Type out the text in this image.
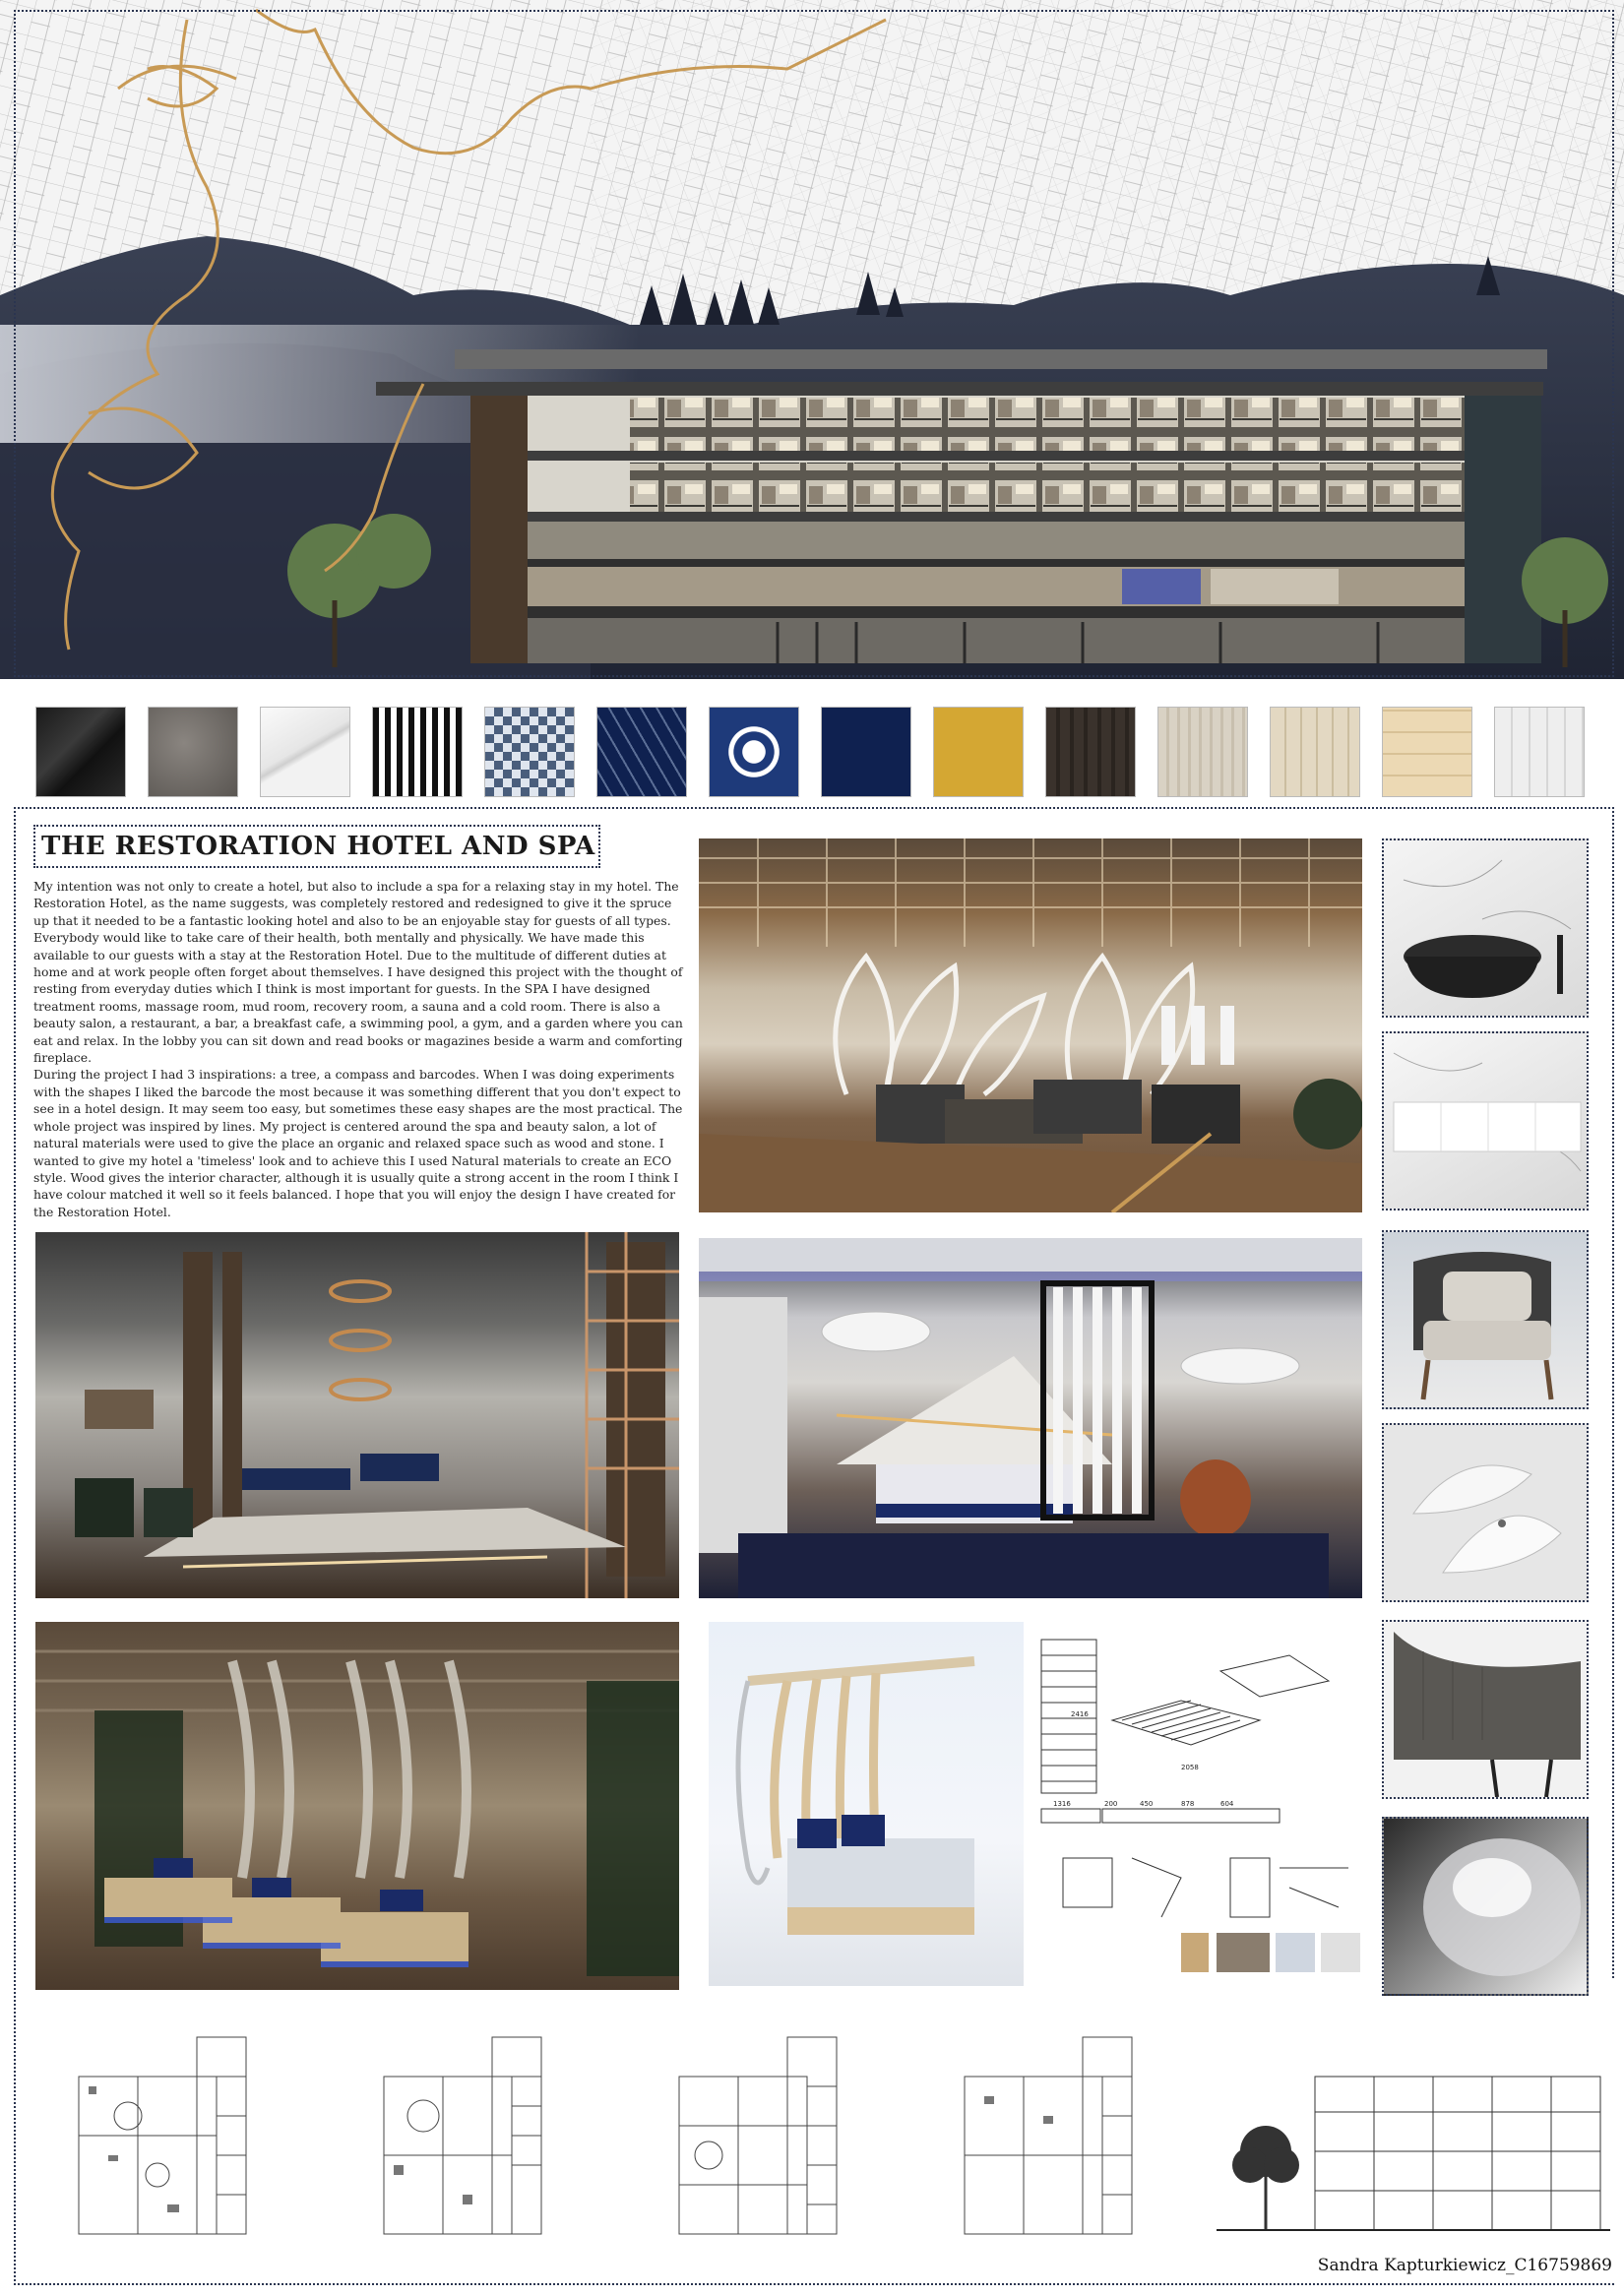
THE RESTORATION HOTEL AND SPA

My intention was not only to create a hotel, but also to include a spa for a relaxing stay in my hotel. The Restoration Hotel, as the name suggests, was completely restored and redesigned to give it the spruce up that it needed to be a fantastic looking hotel and also to be an enjoyable stay for guests of all types. Everybody would like to take care of their health, both mentally and physically. We have made this available to our guests with a stay at the Restoration Hotel. Due to the multitude of different duties at home and at work people often forget about themselves. I have designed this project with the thought of resting from everyday duties which I think is most important for guests. In the SPA I have designed treatment rooms, massage room, mud room, recovery room, a sauna and a cold room. There is also a beauty salon, a restaurant, a bar, a breakfast cafe, a swimming pool, a gym, and a garden where you can eat and relax. In the lobby you can sit down and read books or magazines beside a warm and comforting fireplace.

During the project I had 3 inspirations: a tree, a compass and barcodes. When I was doing experiments with the shapes I liked the barcode the most because it was something different that you don't expect to see in a hotel design. It may seem too easy, but sometimes these easy shapes are the most practical. The whole project was inspired by lines. My project is centered around the spa and beauty salon, a lot of natural materials were used to give the place an organic and relaxed space such as wood and stone. I wanted to give my hotel a 'timeless' look and to achieve this I used Natural materials to create an ECO style. Wood gives the interior character, although it is usually quite a strong accent in the room I think I have colour matched it well so it feels balanced. I hope that you will enjoy the design I have created for the Restoration Hotel.

2416
2058
1316	200	450	878	604
Sandra Kapturkiewicz_C16759869
